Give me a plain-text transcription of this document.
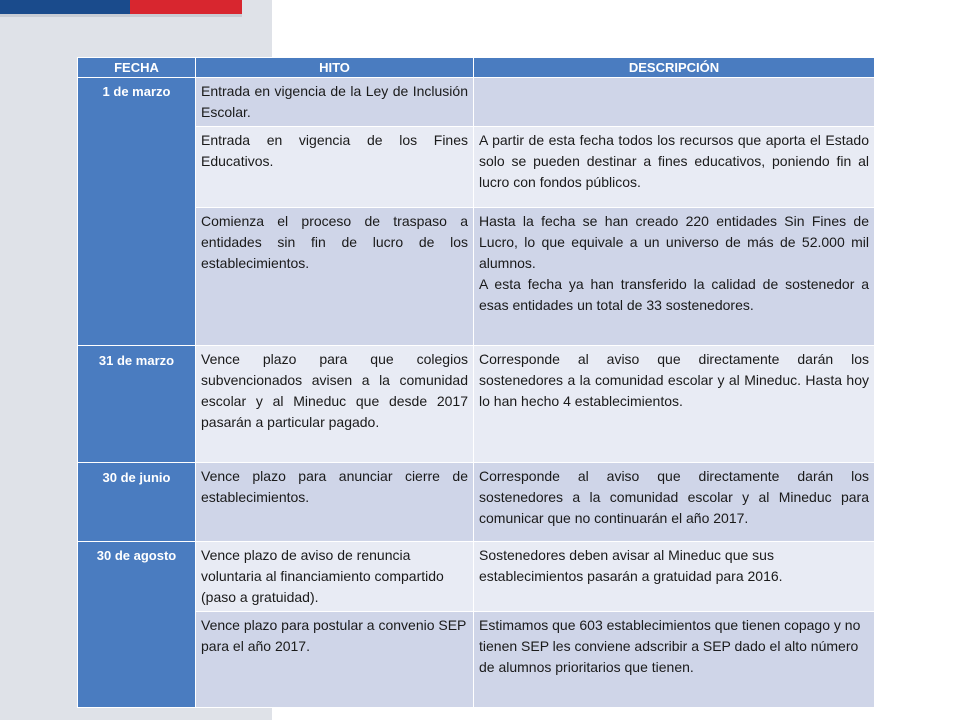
FECHA	HITO	DESCRIPCIÓN
1 de marzo	Entrada en vigencia de la Ley de Inclusión Escolar.	
	Entrada en vigencia de los Fines Educativos.	A partir de esta fecha todos los recursos que aporta el Estado solo se pueden destinar a fines educativos, poniendo fin al lucro con fondos públicos.
	Comienza el proceso de traspaso a entidades sin fin de lucro de los establecimientos.	Hasta la fecha se han creado 220 entidades Sin Fines de Lucro, lo que equivale a un universo de más de 52.000 mil alumnos.
A esta fecha ya han transferido la calidad de sostenedor a esas entidades un total de 33 sostenedores.

31 de marzo	Vence plazo para que colegios subvencionados avisen a la comunidad escolar y al Mineduc que desde 2017 pasarán a particular pagado.	Corresponde al aviso que directamente darán los sostenedores a la comunidad escolar y al Mineduc. Hasta hoy lo han hecho 4 establecimientos.
30 de junio	Vence plazo para anunciar cierre de establecimientos.	Corresponde al aviso que directamente darán los sostenedores a la comunidad escolar y al Mineduc para comunicar que no continuarán el año 2017.
30 de agosto	Vence plazo de aviso de renuncia voluntaria al financiamiento compartido (paso a gratuidad).	Sostenedores deben avisar al Mineduc que sus establecimientos pasarán a gratuidad para 2016.
	Vence plazo para postular a convenio SEP para el año 2017.	Estimamos que 603 establecimientos que tienen copago y no tienen SEP les conviene adscribir a SEP dado el alto número de alumnos prioritarios que tienen.
